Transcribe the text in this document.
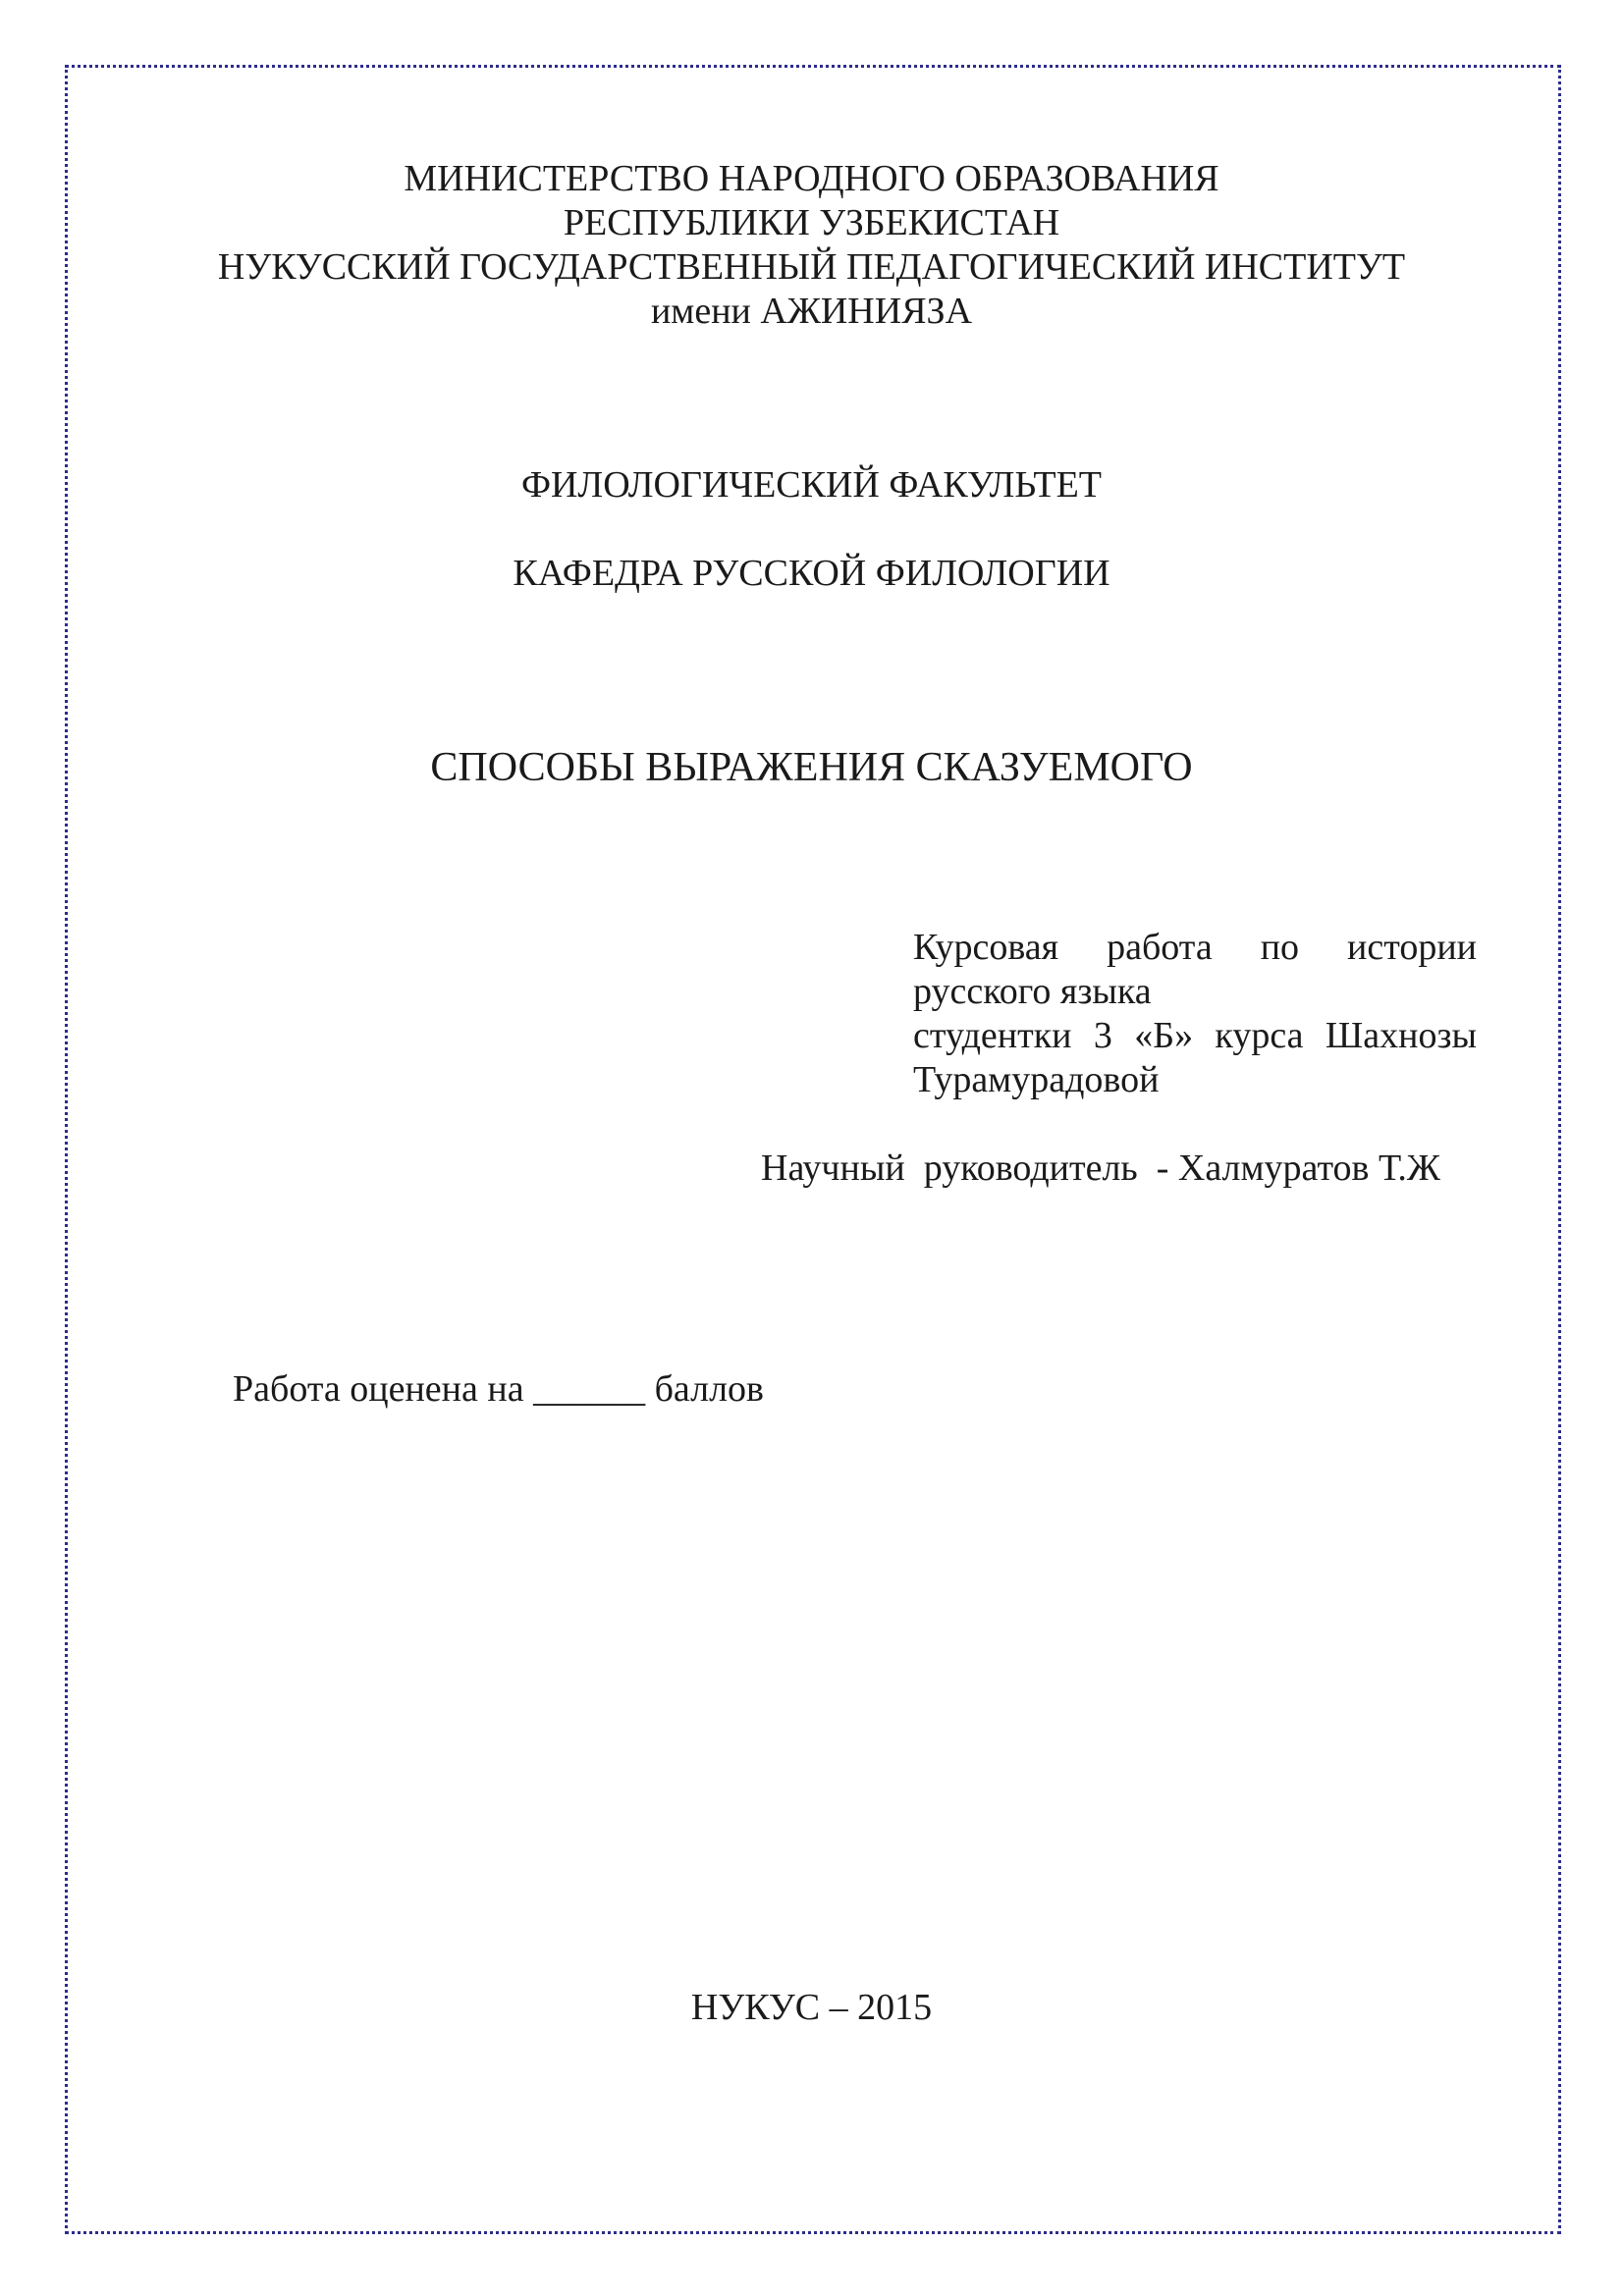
МИНИСТЕРСТВО НАРОДНОГО ОБРАЗОВАНИЯ
РЕСПУБЛИКИ УЗБЕКИСТАН
НУКУССКИЙ ГОСУДАРСТВЕННЫЙ ПЕДАГОГИЧЕСКИЙ ИНСТИТУТ
имени АЖИНИЯЗА
ФИЛОЛОГИЧЕСКИЙ ФАКУЛЬТЕТ
КАФЕДРА РУССКОЙ ФИЛОЛОГИИ
СПОСОБЫ ВЫРАЖЕНИЯ СКАЗУЕМОГО
Курсовая работа по истории
русского языка
студентки 3 «Б» курса Шахнозы
Турамурадовой
Научный  руководитель  - Халмуратов Т.Ж
Работа оценена на ______ баллов
НУКУС – 2015
